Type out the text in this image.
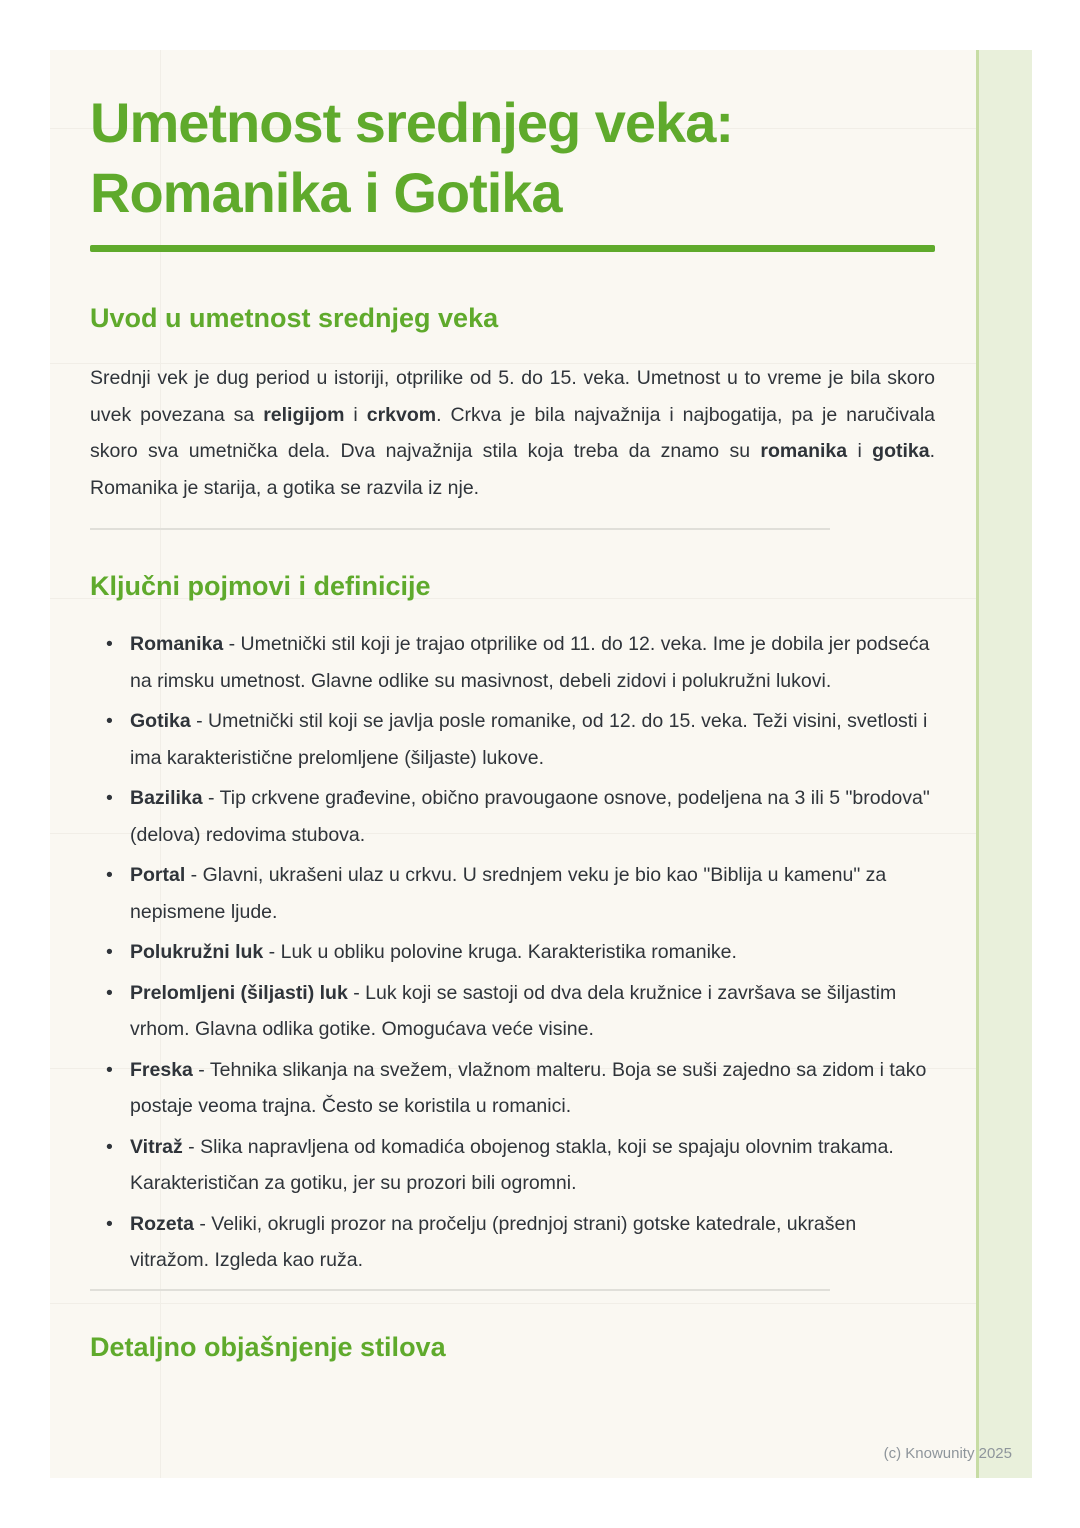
Umetnost srednjeg veka:
Romanika i Gotika
Uvod u umetnost srednjeg veka

Srednji vek je dug period u istoriji, otprilike od 5. do 15. veka. Umetnost u to vreme je bila skoro uvek povezana sa religijom i crkvom. Crkva je bila najvažnija i najbogatija, pa je naručivala skoro sva umetnička dela. Dva najvažnija stila koja treba da znamo su romanika i gotika. Romanika je starija, a gotika se razvila iz nje.

Ključni pojmovi i definicije
• Romanika - Umetnički stil koji je trajao otprilike od 11. do 12. veka. Ime je dobila jer podseća na rimsku umetnost. Glavne odlike su masivnost, debeli zidovi i polukružni lukovi.
• Gotika - Umetnički stil koji se javlja posle romanike, od 12. do 15. veka. Teži visini, svetlosti i ima karakteristične prelomljene (šiljaste) lukove.
• Bazilika - Tip crkvene građevine, obično pravougaone osnove, podeljena na 3 ili 5 "brodova" (delova) redovima stubova.
• Portal - Glavni, ukrašeni ulaz u crkvu. U srednjem veku je bio kao "Biblija u kamenu" za nepismene ljude.
• Polukružni luk - Luk u obliku polovine kruga. Karakteristika romanike.
• Prelomljeni (šiljasti) luk - Luk koji se sastoji od dva dela kružnice i završava se šiljastim vrhom. Glavna odlika gotike. Omogućava veće visine.
• Freska - Tehnika slikanja na svežem, vlažnom malteru. Boja se suši zajedno sa zidom i tako postaje veoma trajna. Često se koristila u romanici.
• Vitraž - Slika napravljena od komadića obojenog stakla, koji se spajaju olovnim trakama. Karakterističan za gotiku, jer su prozori bili ogromni.
• Rozeta - Veliki, okrugli prozor na pročelju (prednjoj strani) gotske katedrale, ukrašen vitražom. Izgleda kao ruža.
Detaljno objašnjenje stilova
(c) Knowunity 2025
